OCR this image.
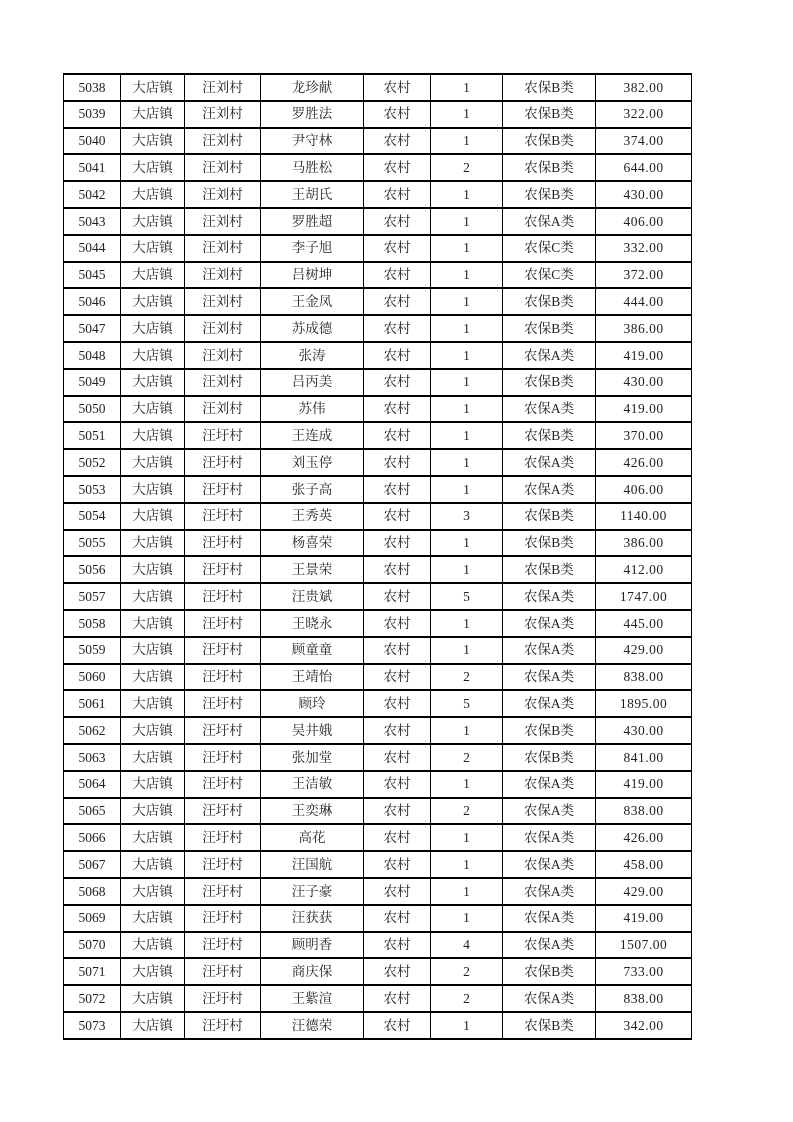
5038	大店镇	汪刘村	龙珍献	农村	1	农保B类	382.00
5039	大店镇	汪刘村	罗胜法	农村	1	农保B类	322.00
5040	大店镇	汪刘村	尹守林	农村	1	农保B类	374.00
5041	大店镇	汪刘村	马胜松	农村	2	农保B类	644.00
5042	大店镇	汪刘村	王胡氏	农村	1	农保B类	430.00
5043	大店镇	汪刘村	罗胜超	农村	1	农保A类	406.00
5044	大店镇	汪刘村	李子旭	农村	1	农保C类	332.00
5045	大店镇	汪刘村	吕树坤	农村	1	农保C类	372.00
5046	大店镇	汪刘村	王金凤	农村	1	农保B类	444.00
5047	大店镇	汪刘村	苏成德	农村	1	农保B类	386.00
5048	大店镇	汪刘村	张涛	农村	1	农保A类	419.00
5049	大店镇	汪刘村	吕丙美	农村	1	农保B类	430.00
5050	大店镇	汪刘村	苏伟	农村	1	农保A类	419.00
5051	大店镇	汪圩村	王连成	农村	1	农保B类	370.00
5052	大店镇	汪圩村	刘玉停	农村	1	农保A类	426.00
5053	大店镇	汪圩村	张子高	农村	1	农保A类	406.00
5054	大店镇	汪圩村	王秀英	农村	3	农保B类	1140.00
5055	大店镇	汪圩村	杨喜荣	农村	1	农保B类	386.00
5056	大店镇	汪圩村	王景荣	农村	1	农保B类	412.00
5057	大店镇	汪圩村	汪贵斌	农村	5	农保A类	1747.00
5058	大店镇	汪圩村	王晓永	农村	1	农保A类	445.00
5059	大店镇	汪圩村	顾童童	农村	1	农保A类	429.00
5060	大店镇	汪圩村	王靖怡	农村	2	农保A类	838.00
5061	大店镇	汪圩村	顾玲	农村	5	农保A类	1895.00
5062	大店镇	汪圩村	吴井娥	农村	1	农保B类	430.00
5063	大店镇	汪圩村	张加堂	农村	2	农保B类	841.00
5064	大店镇	汪圩村	王洁敏	农村	1	农保A类	419.00
5065	大店镇	汪圩村	王奕琳	农村	2	农保A类	838.00
5066	大店镇	汪圩村	高花	农村	1	农保A类	426.00
5067	大店镇	汪圩村	汪国航	农村	1	农保A类	458.00
5068	大店镇	汪圩村	汪子豪	农村	1	农保A类	429.00
5069	大店镇	汪圩村	汪获获	农村	1	农保A类	419.00
5070	大店镇	汪圩村	顾明香	农村	4	农保A类	1507.00
5071	大店镇	汪圩村	商庆保	农村	2	农保B类	733.00
5072	大店镇	汪圩村	王紫渲	农村	2	农保A类	838.00
5073	大店镇	汪圩村	汪德荣	农村	1	农保B类	342.00
